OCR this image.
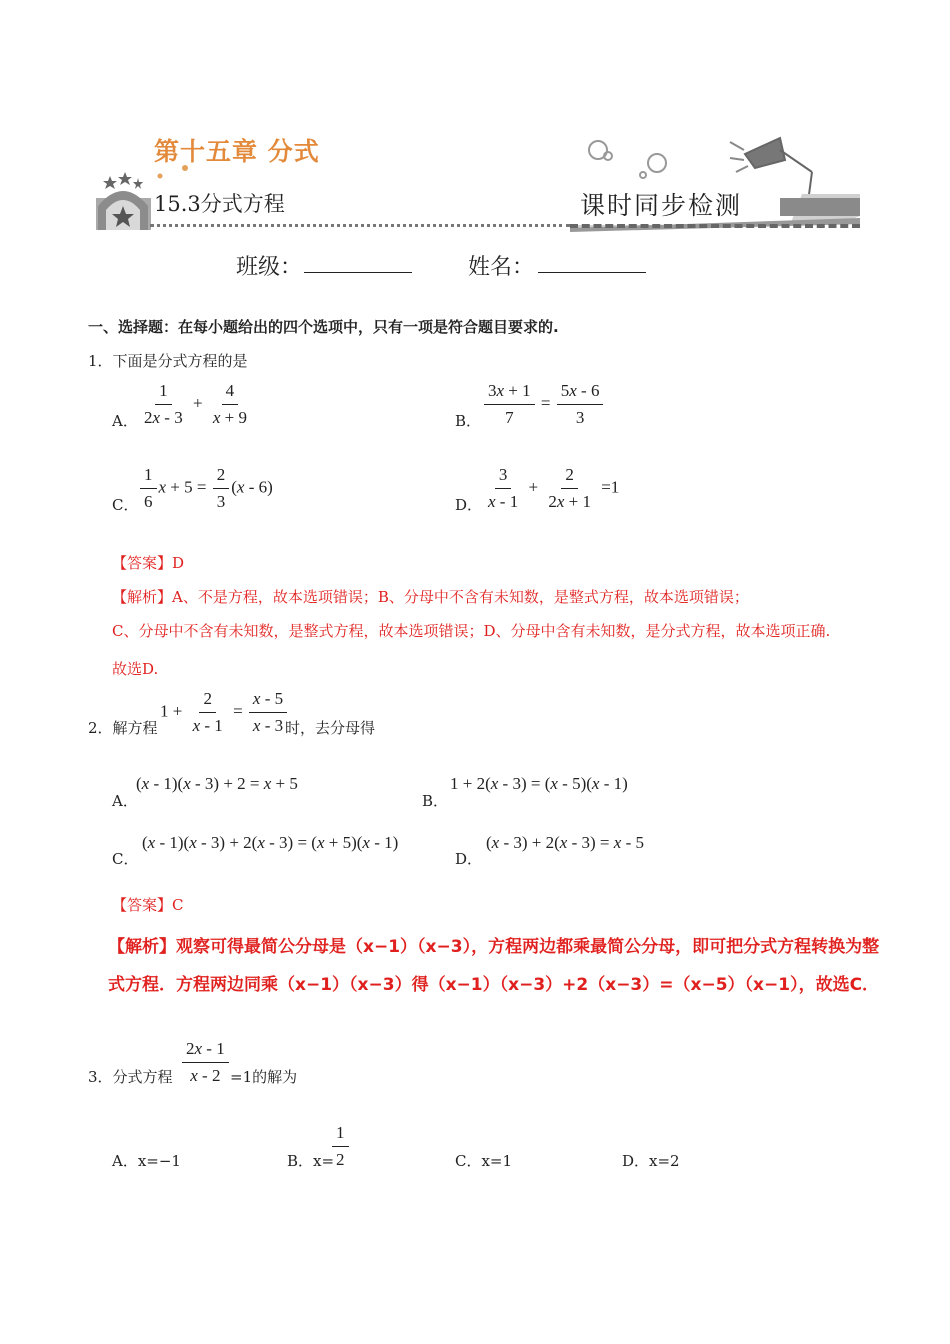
第十五章 分式
15.3分式方程	课时同步检测
班级：	姓名：
一、选择题：在每小题给出的四个选项中，只有一项是符合题目要求的.
1．下面是分式方程的是
A． $\frac{1}{2x - 3} + \frac{4}{x + 9}$	B． $\frac{3x + 1}{7} = \frac{5x - 6}{3}$
C． $\frac{1}{6}$ $x + 5 = \frac{2}{3} (x - 6)$
D． $\frac{3}{x - 1} + \frac{2}{2x + 1} =1$
【答案】D
【解析】A、不是方程，故本选项错误；B、分母中不含有未知数，是整式方程，故本选项错误；
C、分母中不含有未知数，是整式方程，故本选项错误；D、分母中含有未知数，是分式方程，故本选项正确.
故选D.
2．解方程
$1 + \frac{2}{x - 1} = \frac{x - 5}{x - 3}$
时，去分母得
A．
(x - 1)(x - 3) + 2 = x + 5
B．
1 + 2(x - 3) = (x - 5)(x - 1)
C．
(x - 1)(x - 3) + 2(x - 3) = (x + 5)(x - 1)
D．
(x - 3) + 2(x - 3) = x - 5
【答案】C
【解析】观察可得最简公分母是（x−1）（x−3），方程两边都乘最简公分母，即可把分式方程转换为整
式方程．方程两边同乘（x−1）（x−3）得（x−1）（x−3）+2（x−3）=（x−5）（x−1），故选C．
3．分式方程 $\frac{2x - 1}{x - 2} =1$的解为
A．x=−1	B．x=
$\frac{1}{2}$	C．x=1	D．x=2
